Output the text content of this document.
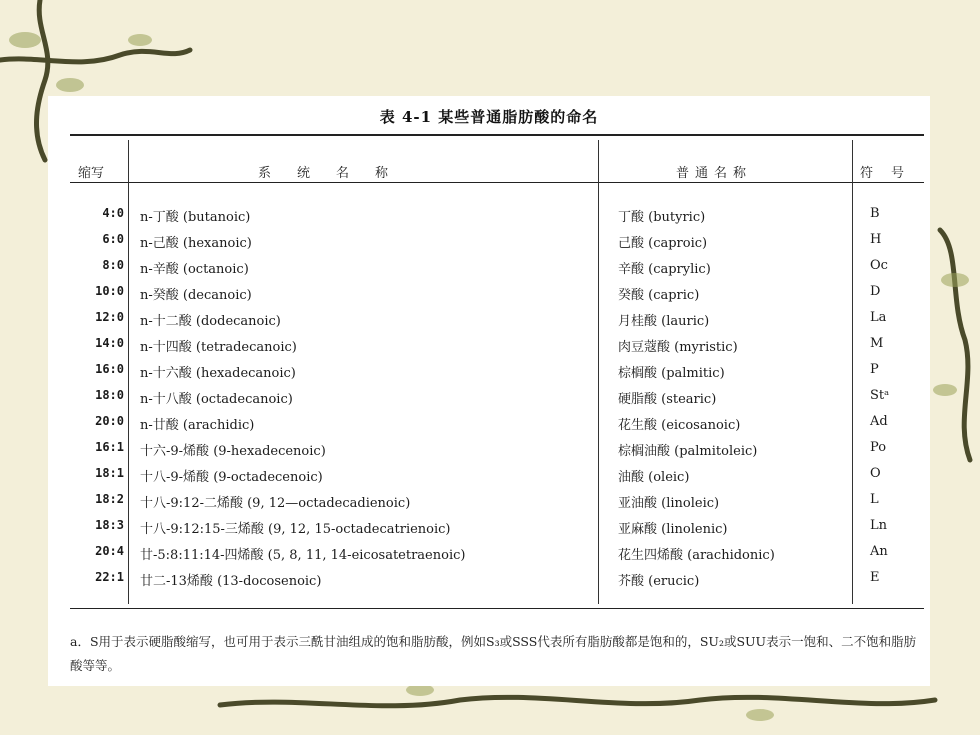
表 4-1 某些普通脂肪酸的命名
缩写	系统名称	普通名称	符号
4:0 n-丁酸 (butanoic)	丁酸 (butyric)	B
6:0 n-己酸 (hexanoic)	己酸 (caproic)	H
8:0 n-辛酸 (octanoic)	辛酸 (caprylic)	Oc
10:0 n-癸酸 (decanoic)	癸酸 (capric)	D
12:0 n-十二酸 (dodecanoic)	月桂酸 (lauric)	La
14:0 n-十四酸 (tetradecanoic)	肉豆蔻酸 (myristic)	M
16:0 n-十六酸 (hexadecanoic)	棕榈酸 (palmitic)	P
18:0 n-十八酸 (octadecanoic)	硬脂酸 (stearic)	Stᵃ
20:0 n-廿酸 (arachidic)	花生酸 (eicosanoic)	Ad
16:1 十六-9-烯酸 (9-hexadecenoic)	棕榈油酸 (palmitoleic)	Po
18:1 十八-9-烯酸 (9-octadecenoic)	油酸 (oleic)	O
18:2 十八-9:12-二烯酸 (9, 12—octadecadienoic)	亚油酸 (linoleic)	L
18:3 十八-9:12:15-三烯酸 (9, 12, 15-octadecatrienoic)	亚麻酸 (linolenic)	Ln
20:4 廿-5:8:11:14-四烯酸 (5, 8, 11, 14-eicosatetraenoic)	花生四烯酸 (arachidonic)	An
22:1 廿二-13烯酸 (13-docosenoic)	芥酸 (erucic)	E
a．S用于表示硬脂酸缩写，也可用于表示三酰甘油组成的饱和脂肪酸，例如S₃或SSS代表所有脂肪酸都是饱和的，SU₂或SUU表示一饱和、二不饱和脂肪酸等等。
